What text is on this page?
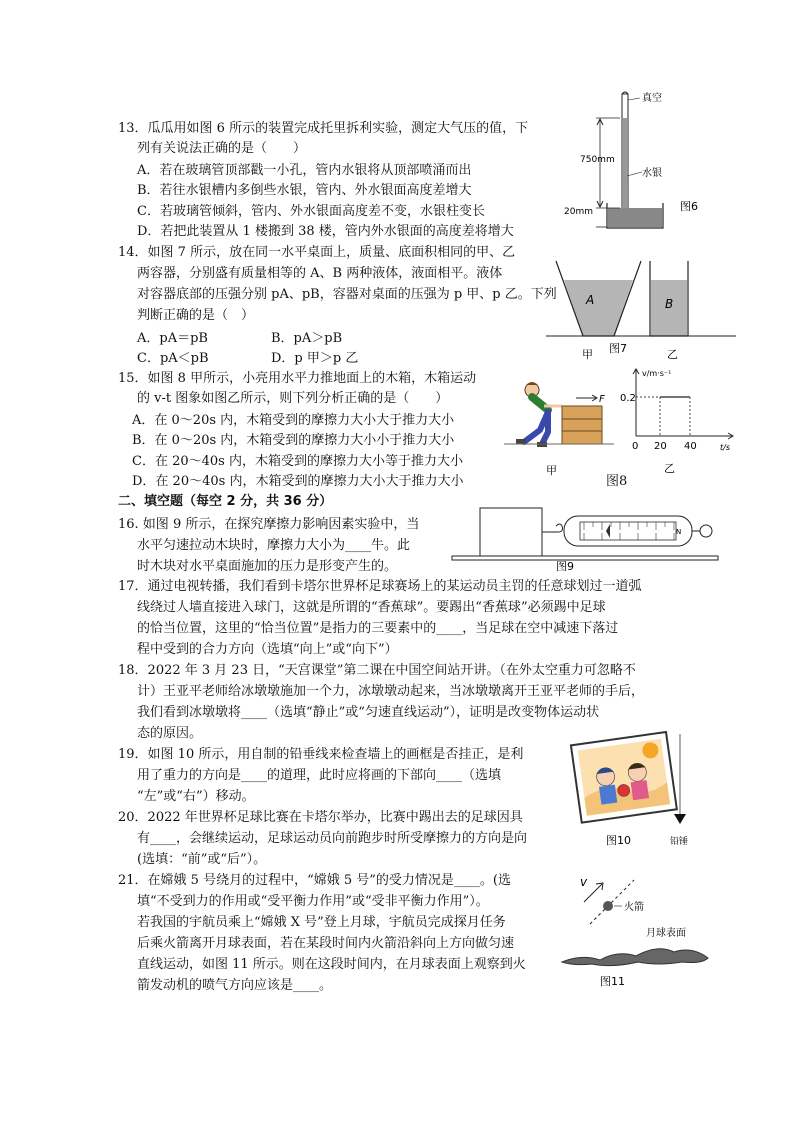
13．瓜瓜用如图 6 所示的装置完成托里拆利实验，测定大气压的值，下
列有关说法正确的是（　　）
A．若在玻璃管顶部戳一小孔，管内水银将从顶部喷涌而出
B．若往水银槽内多倒些水银，管内、外水银面高度差增大
C．若玻璃管倾斜，管内、外水银面高度差不变，水银柱变长
D．若把此装置从 1 楼搬到 38 楼，管内外水银面的高度差将增大
750mm
20mm
真空
水银
图6
14．如图 7 所示，放在同一水平桌面上，质量、底面积相同的甲、乙
两容器，分别盛有质量相等的 A、B 两种液体，液面相平。液体
对容器底部的压强分别 pA、pB，容器对桌面的压强为 p 甲、p 乙。下列
判断正确的是（　）
A．pA＝pB	B．pA＞pB
C．pA＜pB	D．p 甲＞p 乙
A	B
甲 图7	乙
15．如图 8 甲所示，小亮用水平力推地面上的木箱，木箱运动
的 v-t 图象如图乙所示，则下列分析正确的是（　　）
A．在 0～20s 内，木箱受到的摩擦力大小大于推力大小
B．在 0～20s 内，木箱受到的摩擦力大小小于推力大小
C．在 20～40s 内，木箱受到的摩擦力大小等于推力大小
D．在 20～40s 内，木箱受到的摩擦力大小大于推力大小
F
甲
v/m·s⁻¹
t/s
0.2
0 20 40
乙
图8
二、填空题（每空 2 分，共 36 分）
16. 如图 9 所示，在探究摩擦力影响因素实验中，当
水平匀速拉动木块时，摩擦力大小为____牛。此
时木块对水平桌面施加的压力是形变产生的。
N
图9
17．通过电视转播，我们看到卡塔尔世界杯足球赛场上的某运动员主罚的任意球划过一道弧
线绕过人墙直接进入球门，这就是所谓的“香蕉球”。要踢出“香蕉球”必须踢中足球
的恰当位置，这里的“恰当位置”是指力的三要素中的____，当足球在空中减速下落过
程中受到的合力方向（选填“向上”或“向下”）
18．2022 年 3 月 23 日，“天宫课堂”第二课在中国空间站开讲。（在外太空重力可忽略不
计）王亚平老师给冰墩墩施加一个力，冰墩墩动起来，当冰墩墩离开王亚平老师的手后，
我们看到冰墩墩将____（选填“静止”或“匀速直线运动”），证明是改变物体运动状
态的原因。
19．如图 10 所示，用自制的铅垂线来检查墙上的画框是否挂正，是利
用了重力的方向是____的道理，此时应将画的下部向____（选填
“左”或“右”）移动。
铅锤
图10
20．2022 年世界杯足球比赛在卡塔尔举办，比赛中踢出去的足球因具
有____，会继续运动，足球运动员向前跑步时所受摩擦力的方向是向
(选填：“前”或“后”）。
21．在嫦娥 5 号绕月的过程中，“嫦娥 5 号”的受力情况是____。(选
填“不受到力的作用或“受平衡力作用”或“受非平衡力作用”）。
若我国的宇航员乘上“嫦娥 X 号”登上月球，宇航员完成探月任务
后乘火箭离开月球表面，若在某段时间内火箭沿斜向上方向做匀速
直线运动，如图 11 所示。则在这段时间内，在月球表面上观察到火
箭发动机的喷气方向应该是____。
v
火箭
月球表面
图11
